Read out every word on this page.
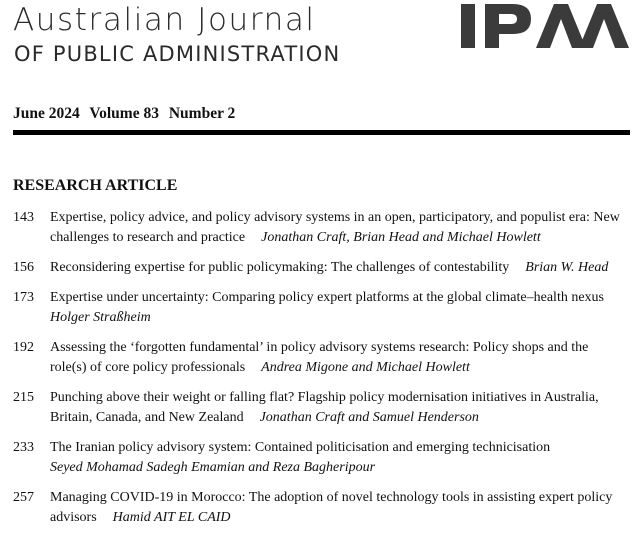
Australian Journal
OF PUBLIC ADMINISTRATION
June 2024 Volume 83 Number 2
RESEARCH ARTICLE
143 Expertise, policy advice, and policy advisory systems in an open, participatory, and populist era: New challenges to research and practice Jonathan Craft, Brian Head and Michael Howlett
156 Reconsidering expertise for public policymaking: The challenges of contestability Brian W. Head
173 Expertise under uncertainty: Comparing policy expert platforms at the global climate–health nexus
Holger Straßheim
192 Assessing the ‘forgotten fundamental’ in policy advisory systems research: Policy shops and the role(s) of core policy professionals Andrea Migone and Michael Howlett
215 Punching above their weight or falling flat? Flagship policy modernisation initiatives in Australia, Britain, Canada, and New Zealand Jonathan Craft and Samuel Henderson
233 The Iranian policy advisory system: Contained politicisation and emerging technicisation
Seyed Mohamad Sadegh Emamian and Reza Bagheripour
257 Managing COVID-19 in Morocco: The adoption of novel technology tools in assisting expert policy advisors Hamid AIT EL CAID
